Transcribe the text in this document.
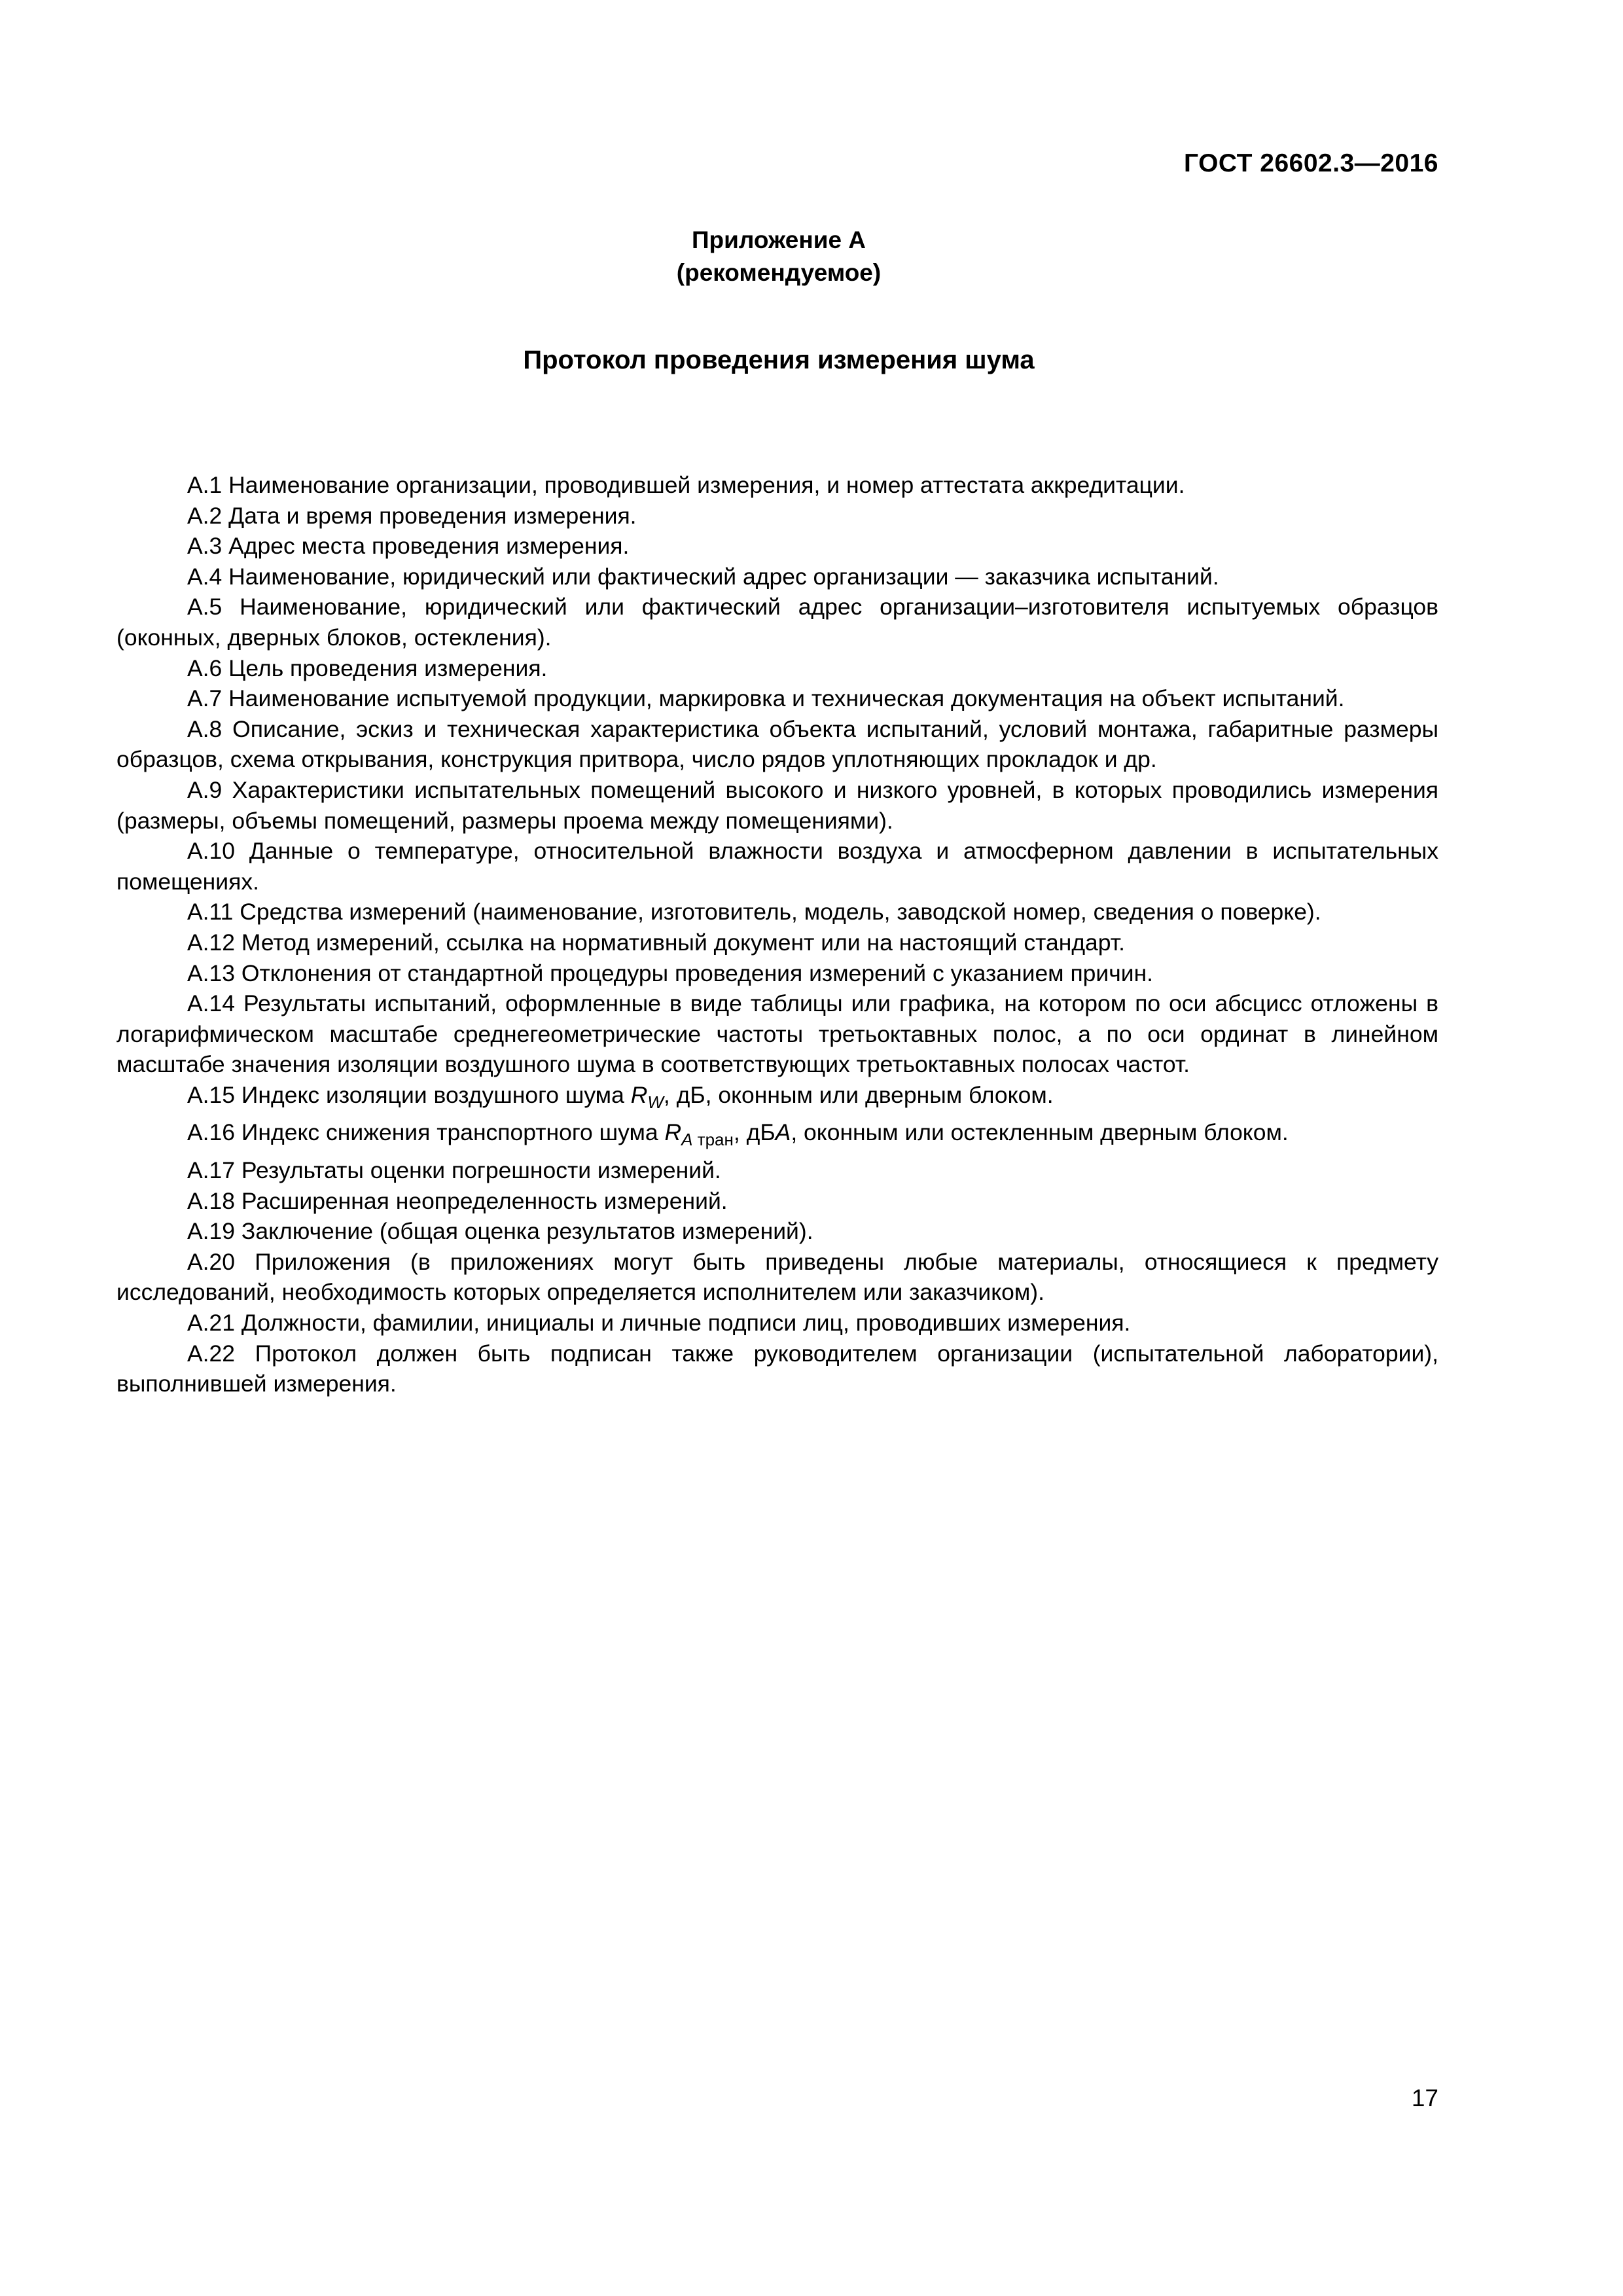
ГОСТ 26602.3—2016
Приложение А
(рекомендуемое)
Протокол проведения измерения шума

А.1 Наименование организации, проводившей измерения, и номер аттестата аккредитации.

А.2 Дата и время проведения измерения.

А.3 Адрес места проведения измерения.

А.4 Наименование, юридический или фактический адрес организации — заказчика испытаний.

А.5 Наименование, юридический или фактический адрес организации–изготовителя испытуемых образцов (оконных, дверных блоков, остекления).

А.6 Цель проведения измерения.

А.7 Наименование испытуемой продукции, маркировка и техническая документация на объект испытаний.

А.8 Описание, эскиз и техническая характеристика объекта испытаний, условий монтажа, габаритные размеры образцов, схема открывания, конструкция притвора, число рядов уплотняющих прокладок и др.

А.9 Характеристики испытательных помещений высокого и низкого уровней, в которых проводились измерения (размеры, объемы помещений, размеры проема между помещениями).

А.10 Данные о температуре, относительной влажности воздуха и атмосферном давлении в испытательных помещениях.

А.11 Средства измерений (наименование, изготовитель, модель, заводской номер, сведения о поверке).

А.12 Метод измерений, ссылка на нормативный документ или на настоящий стандарт.

А.13 Отклонения от стандартной процедуры проведения измерений с указанием причин.

А.14 Результаты испытаний, оформленные в виде таблицы или графика, на котором по оси абсцисс отложены в логарифмическом масштабе среднегеометрические частоты третьоктавных полос, а по оси ординат в линейном масштабе значения изоляции воздушного шума в соответствующих третьоктавных полосах частот.

А.15 Индекс изоляции воздушного шума $R_W$, дБ, оконным или дверным блоком.

А.16 Индекс снижения транспортного шума $R_{A тран}$, дБА, оконным или остекленным дверным блоком.

А.17 Результаты оценки погрешности измерений.

А.18 Расширенная неопределенность измерений.

А.19 Заключение (общая оценка результатов измерений).

А.20 Приложения (в приложениях могут быть приведены любые материалы, относящиеся к предмету исследований, необходимость которых определяется исполнителем или заказчиком).

А.21 Должности, фамилии, инициалы и личные подписи лиц, проводивших измерения.

А.22 Протокол должен быть подписан также руководителем организации (испытательной лаборатории), выполнившей измерения.

17
